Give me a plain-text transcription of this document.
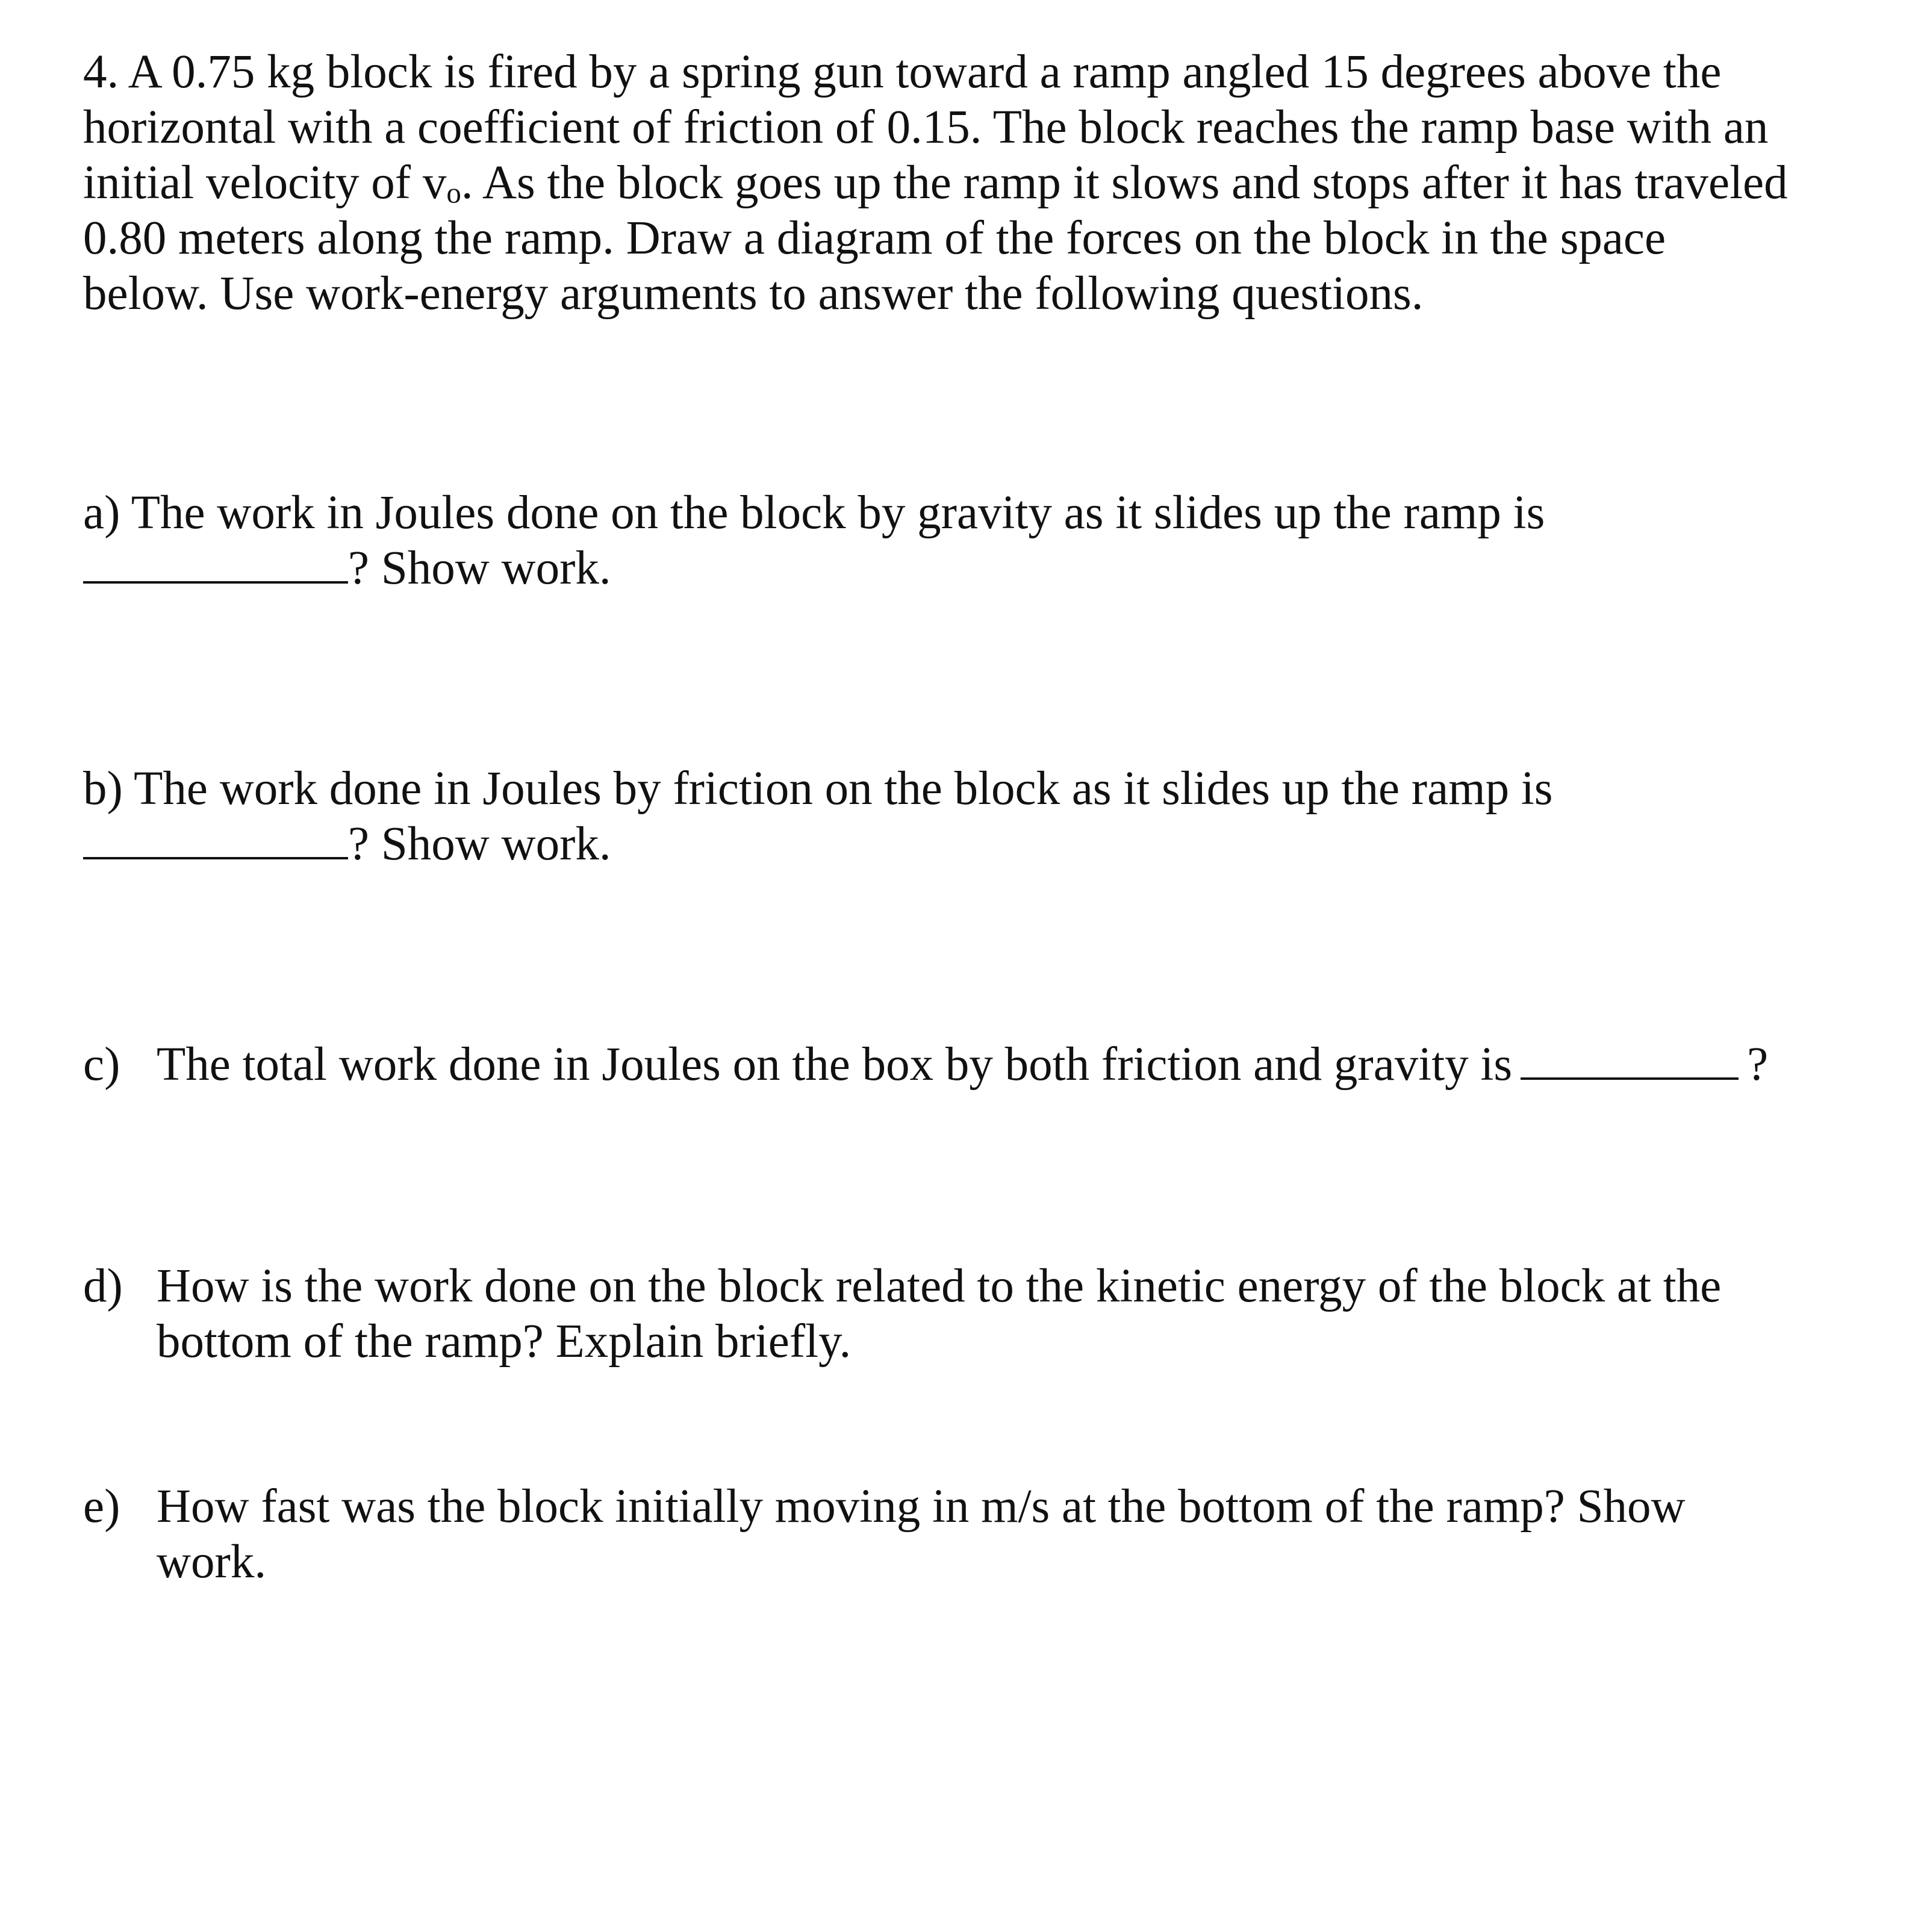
4. A 0.75 kg block is fired by a spring gun toward a ramp angled 15 degrees above the
horizontal with a coefficient of friction of 0.15. The block reaches the ramp base with an
initial velocity of vo. As the block goes up the ramp it slows and stops after it has traveled
0.80 meters along the ramp. Draw a diagram of the forces on the block in the space
below. Use work-energy arguments to answer the following questions.
a) The work in Joules done on the block by gravity as it slides up the ramp is
? Show work.
b) The work done in Joules by friction on the block as it slides up the ramp is
? Show work.
c) The total work done in Joules on the box by both friction and gravity is	?
d) How is the work done on the block related to the kinetic energy of the block at the
bottom of the ramp? Explain briefly.
e) How fast was the block initially moving in m/s at the bottom of the ramp? Show
work.
